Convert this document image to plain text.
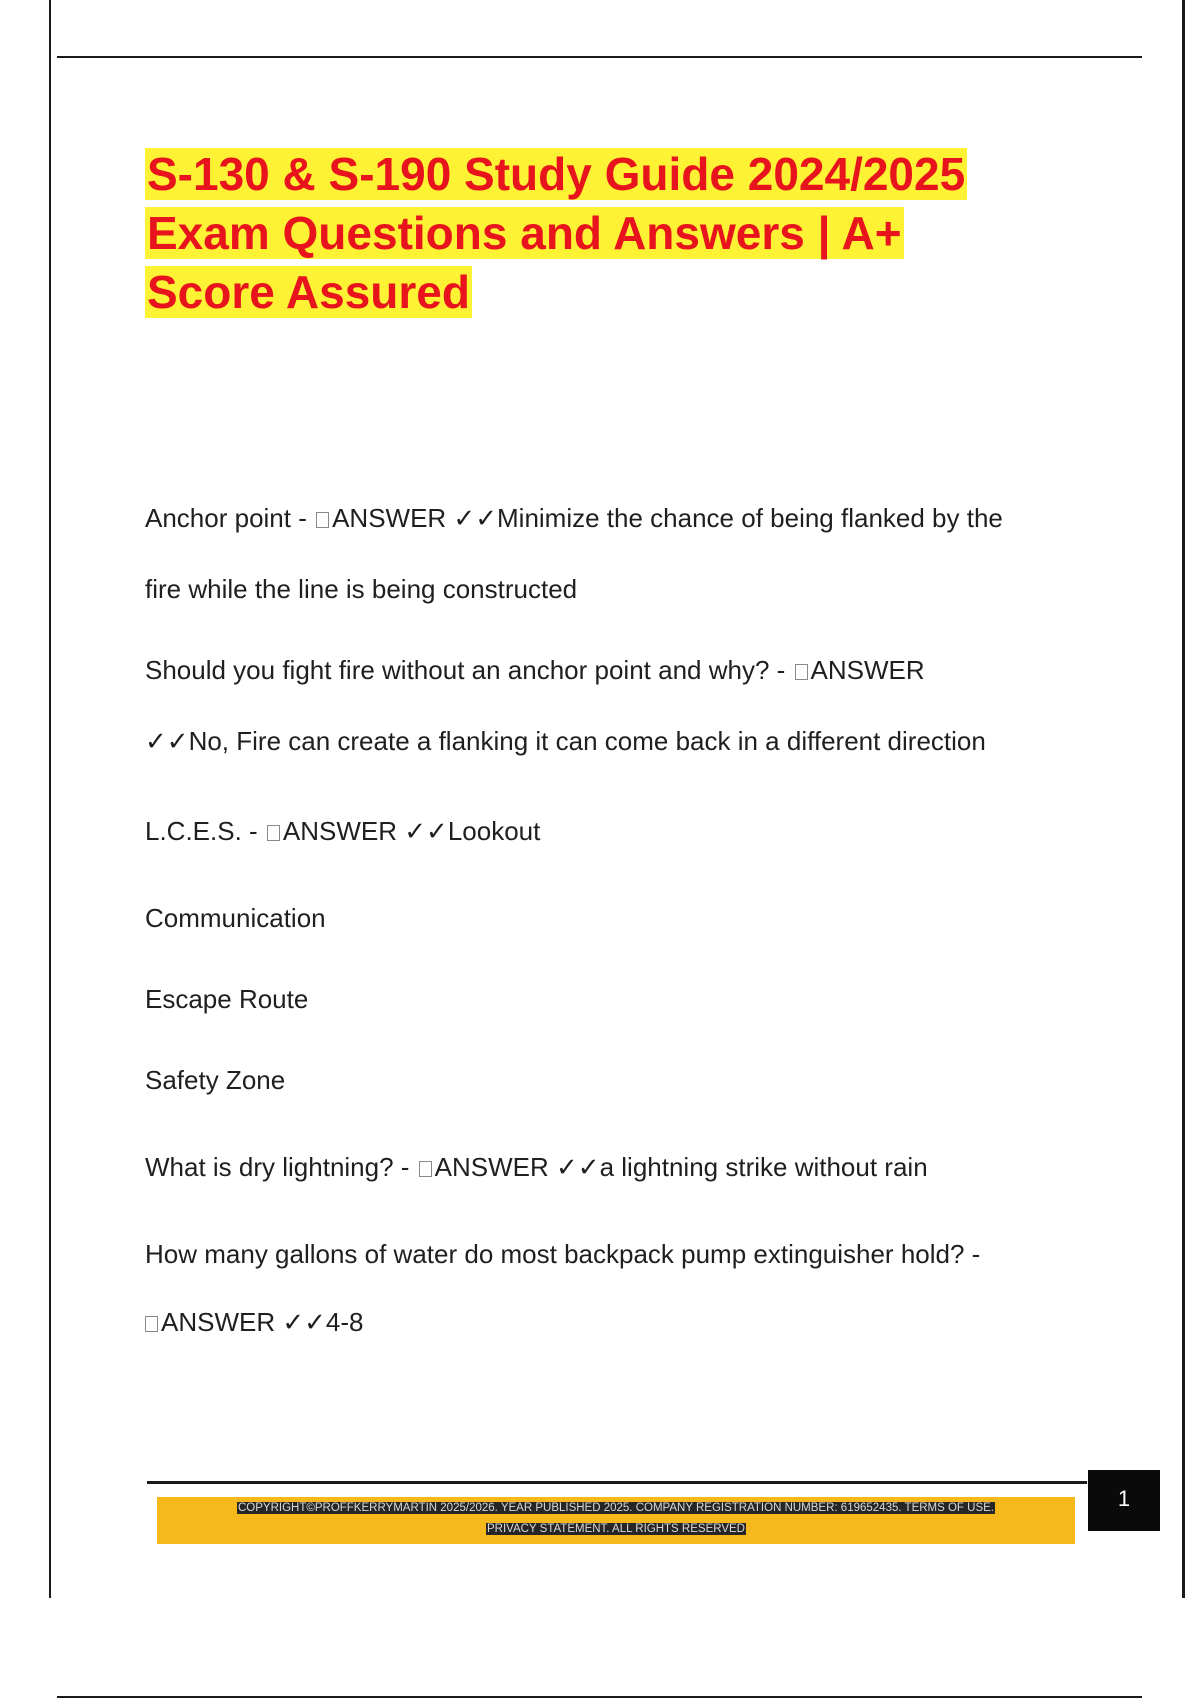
S-130 & S-190 Study Guide 2024/2025
Exam Questions and Answers | A+
Score Assured

Anchor point - ANSWER ✓✓Minimize the chance of being flanked by the

fire while the line is being constructed

Should you fight fire without an anchor point and why? - ANSWER

✓✓No, Fire can create a flanking it can come back in a different direction

L.C.E.S. - ANSWER ✓✓Lookout

Communication

Escape Route

Safety Zone

What is dry lightning? - ANSWER ✓✓a lightning strike without rain

How many gallons of water do most backpack pump extinguisher hold? -

ANSWER ✓✓4-8

COPYRIGHT©PROFFKERRYMARTIN 2025/2026. YEAR PUBLISHED 2025. COMPANY REGISTRATION NUMBER: 619652435. TERMS OF USE.
PRIVACY STATEMENT. ALL RIGHTS RESERVED
1
